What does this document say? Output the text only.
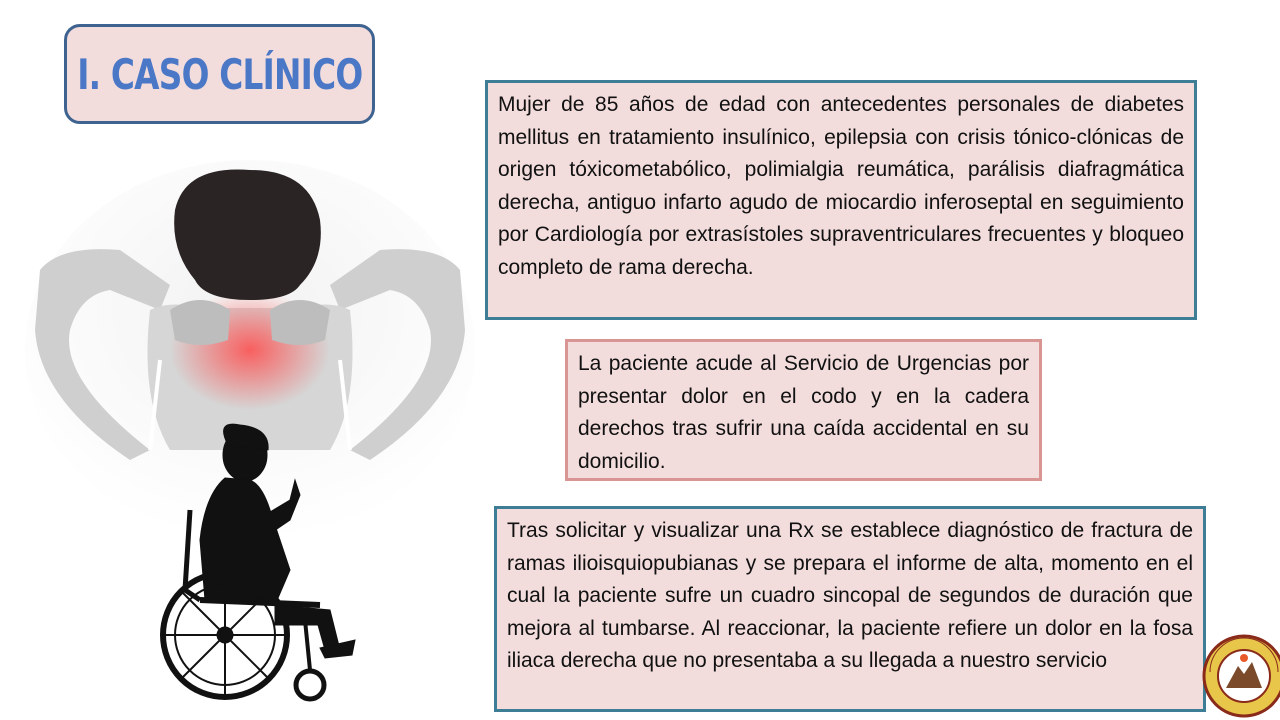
I. CASO CLÍNICO
Mujer de 85 años de edad con antecedentes personales de diabetes mellitus en tratamiento insulínico, epilepsia con crisis tónico-clónicas de origen tóxicometabólico, polimialgia reumática, parálisis diafragmática derecha, antiguo infarto agudo de miocardio inferoseptal en seguimiento por Cardiología por extrasístoles supraventriculares frecuentes y bloqueo completo de rama derecha.
La paciente acude al Servicio de Urgencias por presentar dolor en el codo y en la cadera derechos tras sufrir una caída accidental en su domicilio.
Tras solicitar y visualizar una Rx se establece diagnóstico de fractura de ramas ilioisquiopubianas y se prepara el informe de alta, momento en el cual la paciente sufre un cuadro sincopal de segundos de duración que mejora al tumbarse. Al reaccionar, la paciente refiere un dolor en la fosa iliaca derecha que no presentaba a su llegada a nuestro servicio
